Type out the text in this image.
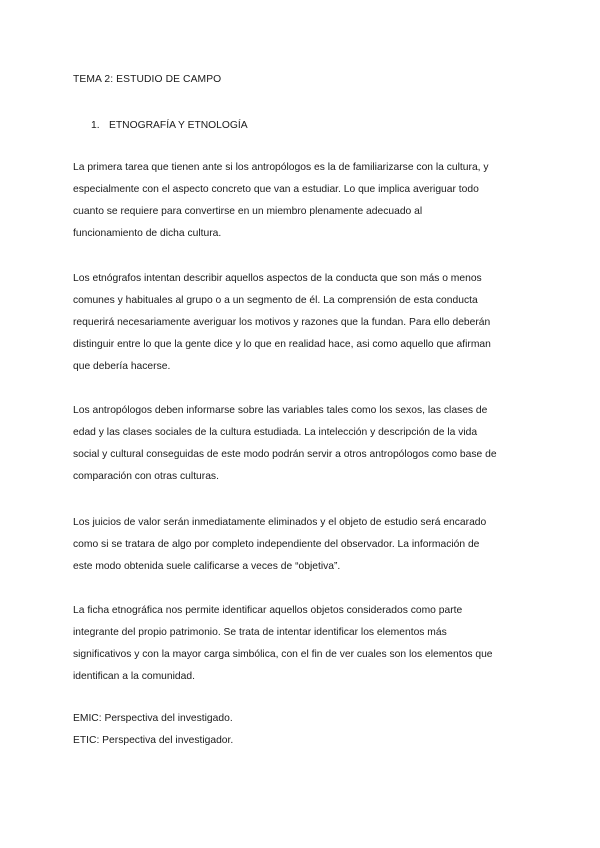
TEMA 2: ESTUDIO DE CAMPO
1. ETNOGRAFÍA Y ETNOLOGÍA
La primera tarea que tienen ante si los antropólogos es la de familiarizarse con la cultura, y
especialmente con el aspecto concreto que van a estudiar. Lo que implica averiguar todo
cuanto se requiere para convertirse en un miembro plenamente adecuado al
funcionamiento de dicha cultura.
Los etnógrafos intentan describir aquellos aspectos de la conducta que son más o menos
comunes y habituales al grupo o a un segmento de él. La comprensión de esta conducta
requerirá necesariamente averiguar los motivos y razones que la fundan. Para ello deberán
distinguir entre lo que la gente dice y lo que en realidad hace, asi como aquello que afirman
que debería hacerse.
Los antropólogos deben informarse sobre las variables tales como los sexos, las clases de
edad y las clases sociales de la cultura estudiada. La intelección y descripción de la vida
social y cultural conseguidas de este modo podrán servir a otros antropólogos como base de
comparación con otras culturas.
Los juicios de valor serán inmediatamente eliminados y el objeto de estudio será encarado
como si se tratara de algo por completo independiente del observador. La información de
este modo obtenida suele calificarse a veces de “objetiva”.
La ficha etnográfica nos permite identificar aquellos objetos considerados como parte
integrante del propio patrimonio. Se trata de intentar identificar los elementos más
significativos y con la mayor carga simbólica, con el fin de ver cuales son los elementos que
identifican a la comunidad.
EMIC: Perspectiva del investigado.
ETIC: Perspectiva del investigador.
